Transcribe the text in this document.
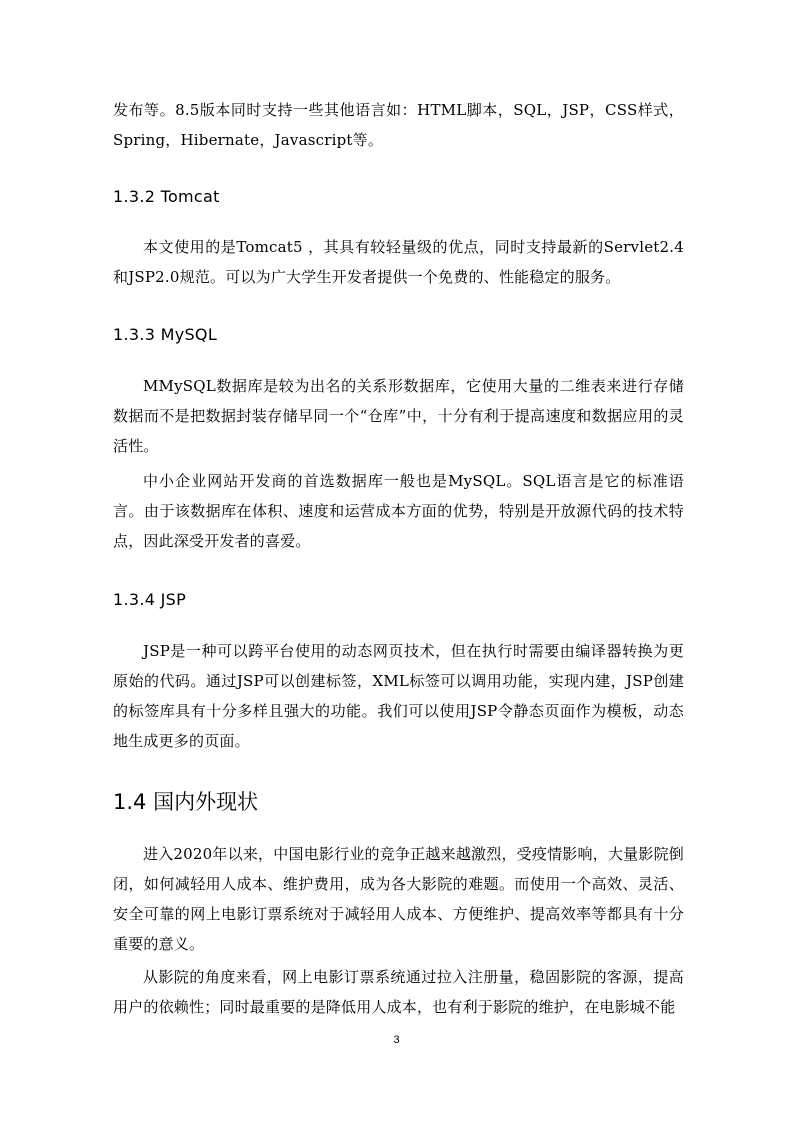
发布等。8.5版本同时支持一些其他语言如：HTML脚本，SQL，JSP，CSS样式，Spring，Hibernate，Javascript等。

1.3.2 Tomcat

本文使用的是Tomcat5 ，其具有较轻量级的优点，同时支持最新的Servlet2.4和JSP2.0规范。可以为广大学生开发者提供一个免费的、性能稳定的服务。

1.3.3 MySQL

MMySQL数据库是较为出名的关系形数据库，它使用大量的二维表来进行存储数据而不是把数据封装存储早同一个“仓库”中，十分有利于提高速度和数据应用的灵活性。

中小企业网站开发商的首选数据库一般也是MySQL。SQL语言是它的标准语言。由于该数据库在体积、速度和运营成本方面的优势，特别是开放源代码的技术特点，因此深受开发者的喜爱。

1.3.4 JSP

JSP是一种可以跨平台使用的动态网页技术，但在执行时需要由编译器转换为更原始的代码。通过JSP可以创建标签，XML标签可以调用功能，实现内建，JSP创建的标签库具有十分多样且强大的功能。我们可以使用JSP令静态页面作为模板，动态地生成更多的页面。

1.4 国内外现状

进入2020年以来，中国电影行业的竞争正越来越激烈，受疫情影响，大量影院倒闭，如何减轻用人成本、维护费用，成为各大影院的难题。而使用一个高效、灵活、安全可靠的网上电影订票系统对于减轻用人成本、方便维护、提高效率等都具有十分重要的意义。

从影院的角度来看，网上电影订票系统通过拉入注册量，稳固影院的客源，提高用户的依赖性；同时最重要的是降低用人成本，也有利于影院的维护，在电影城不能

3
